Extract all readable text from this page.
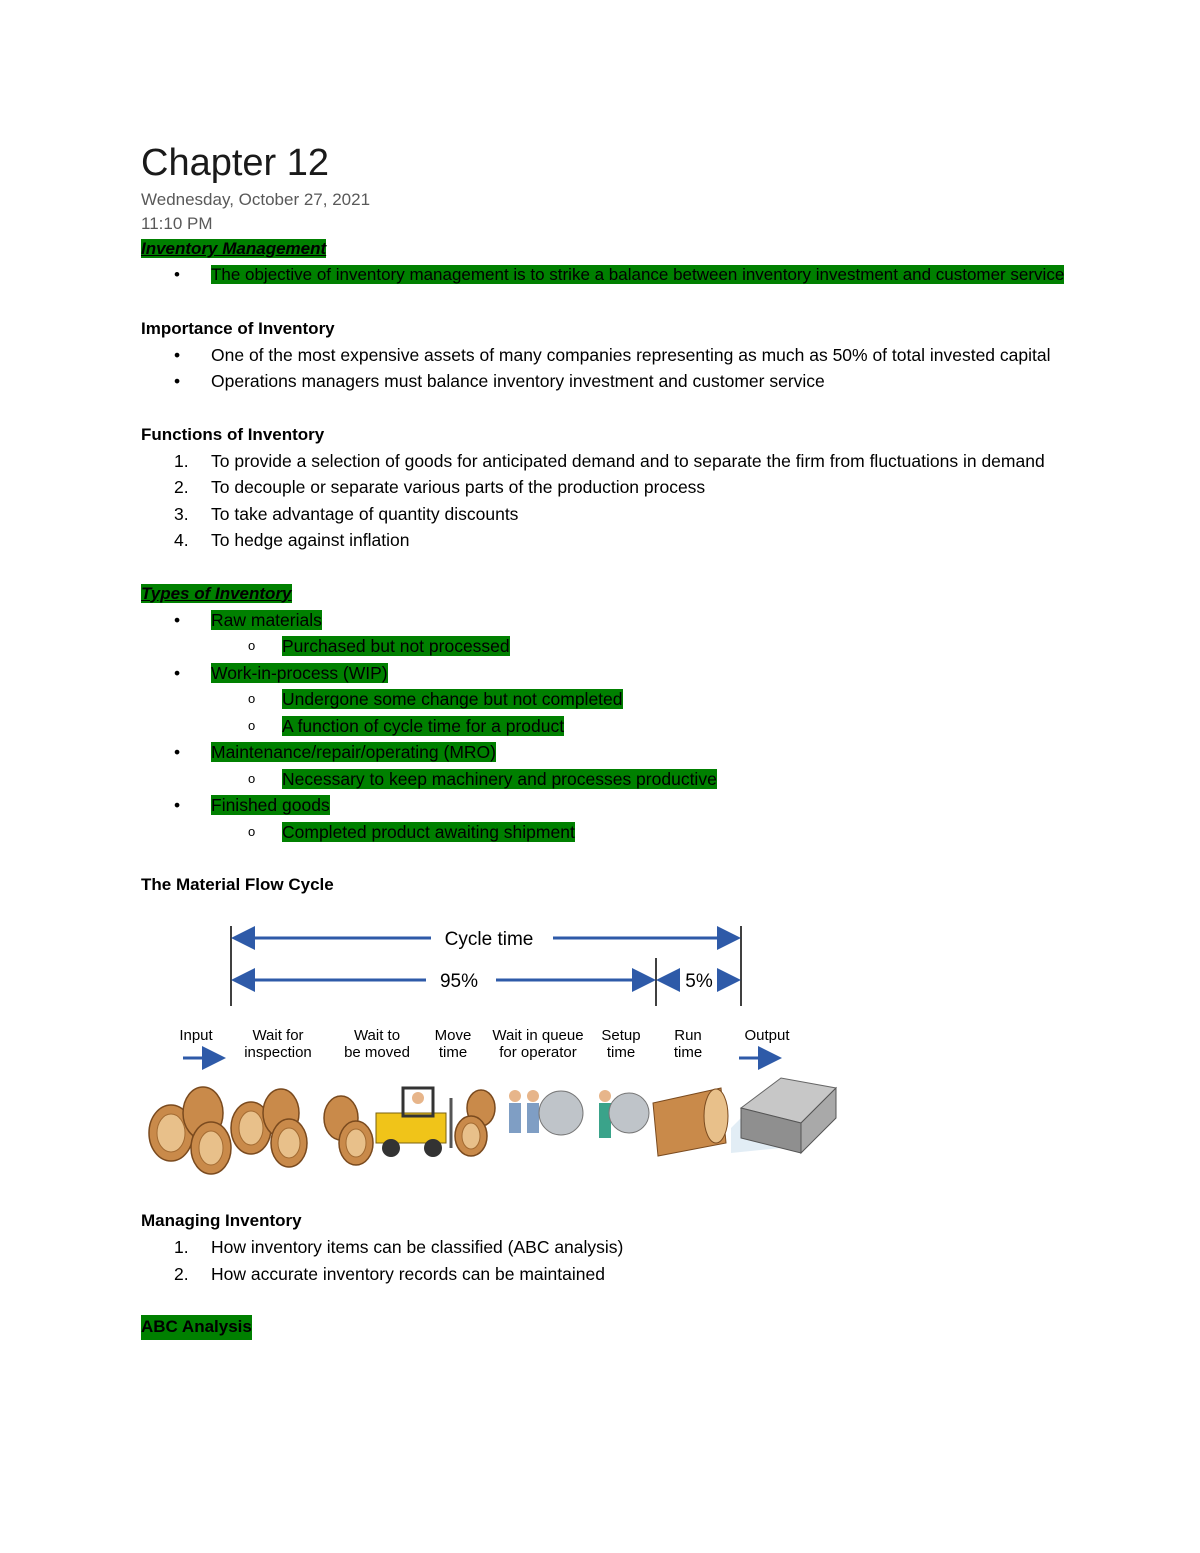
Chapter 12
Wednesday, October 27, 2021
11:10 PM

Inventory Management

•	The objective of inventory management is to strike a balance between inventory investment and customer service

Importance of Inventory

•	One of the most expensive assets of many companies representing as much as 50% of total invested capital
•	Operations managers must balance inventory investment and customer service

Functions of Inventory

1.	To provide a selection of goods for anticipated demand and to separate the firm from fluctuations in demand
2.	To decouple or separate various parts of the production process
3.	To take advantage of quantity discounts
4.	To hedge against inflation

Types of Inventory

•	Raw materials
o	Purchased but not processed
•	Work-in-process (WIP)
o	Undergone some change but not completed
o	A function of cycle time for a product
•	Maintenance/repair/operating (MRO)
o	Necessary to keep machinery and processes productive
•	Finished goods
o	Completed product awaiting shipment

The Material Flow Cycle

Cycle time
95%	5%
Input	Wait for
inspection
Wait to
be moved
Move
time
Wait in queue
for operator
Setup
time
Run
time
Output

Managing Inventory

1.	How inventory items can be classified (ABC analysis)
2.	How accurate inventory records can be maintained

ABC Analysis
